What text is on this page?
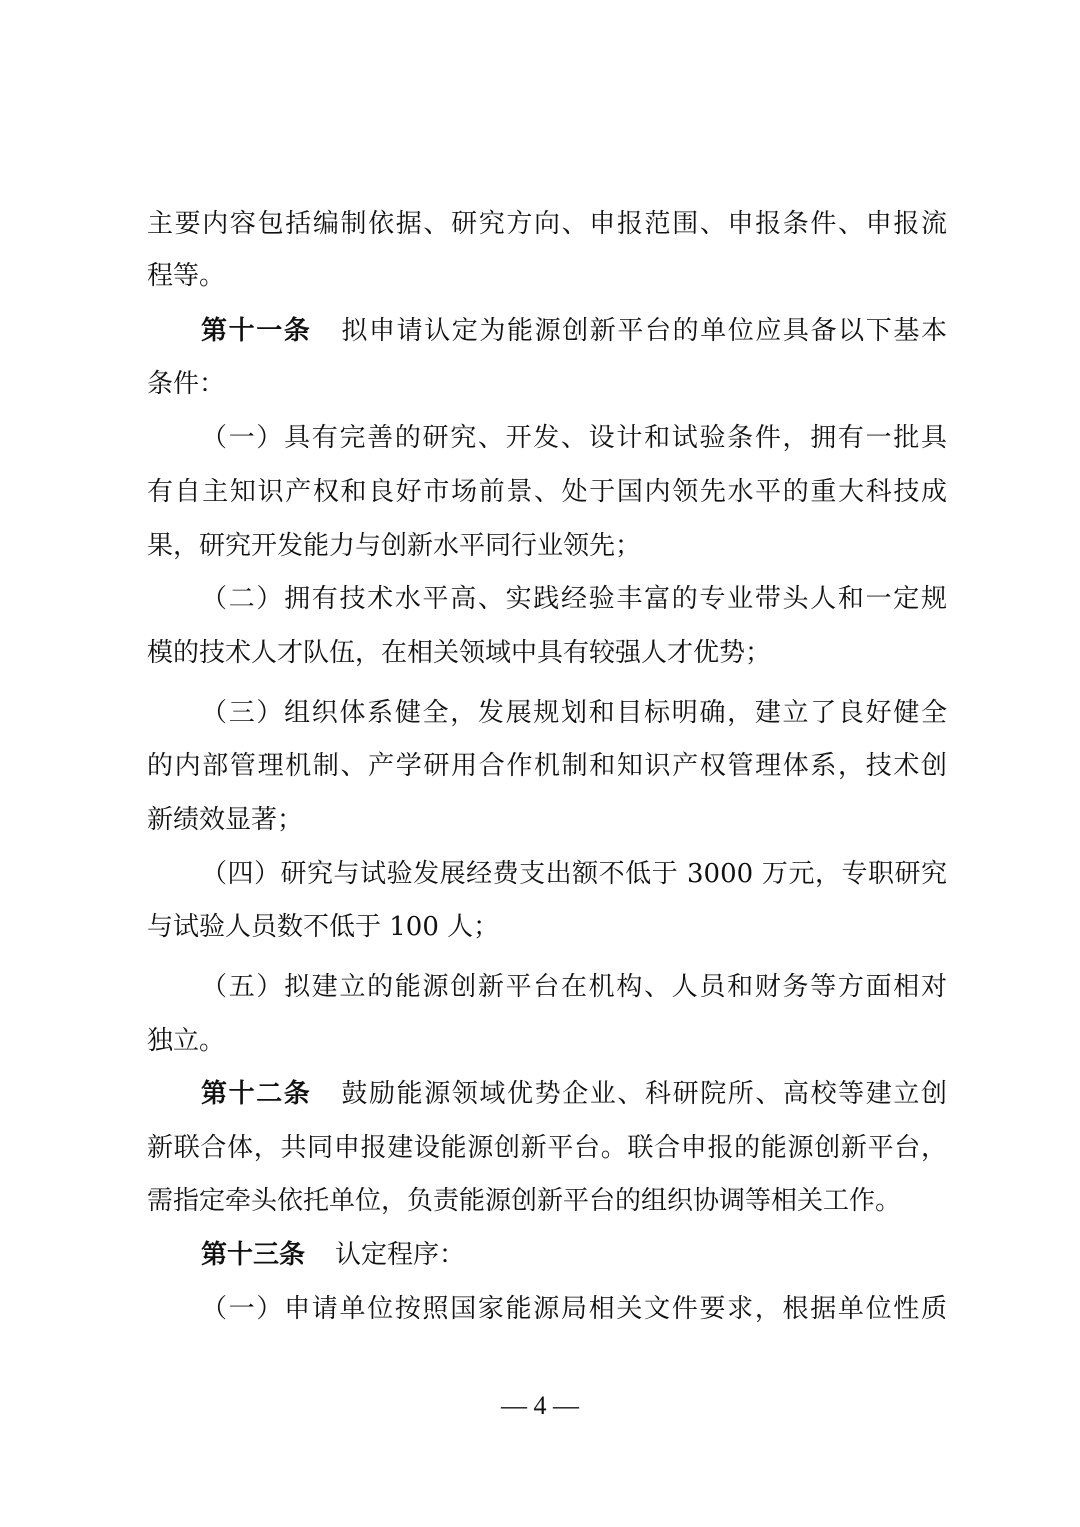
主要内容包括编制依据、研究方向、申报范围、申报条件、申报流
程等。
第十一条 拟申请认定为能源创新平台的单位应具备以下基本
条件：
（一）具有完善的研究、开发、设计和试验条件，拥有一批具
有自主知识产权和良好市场前景、处于国内领先水平的重大科技成
果，研究开发能力与创新水平同行业领先；
（二）拥有技术水平高、实践经验丰富的专业带头人和一定规
模的技术人才队伍，在相关领域中具有较强人才优势；
（三）组织体系健全，发展规划和目标明确，建立了良好健全
的内部管理机制、产学研用合作机制和知识产权管理体系，技术创
新绩效显著；
（四）研究与试验发展经费支出额不低于 3000 万元，专职研究
与试验人员数不低于 100 人；
（五）拟建立的能源创新平台在机构、人员和财务等方面相对
独立。
第十二条 鼓励能源领域优势企业、科研院所、高校等建立创
新联合体，共同申报建设能源创新平台。联合申报的能源创新平台，
需指定牵头依托单位，负责能源创新平台的组织协调等相关工作。
第十三条 认定程序：
（一）申请单位按照国家能源局相关文件要求，根据单位性质
— 4 —
